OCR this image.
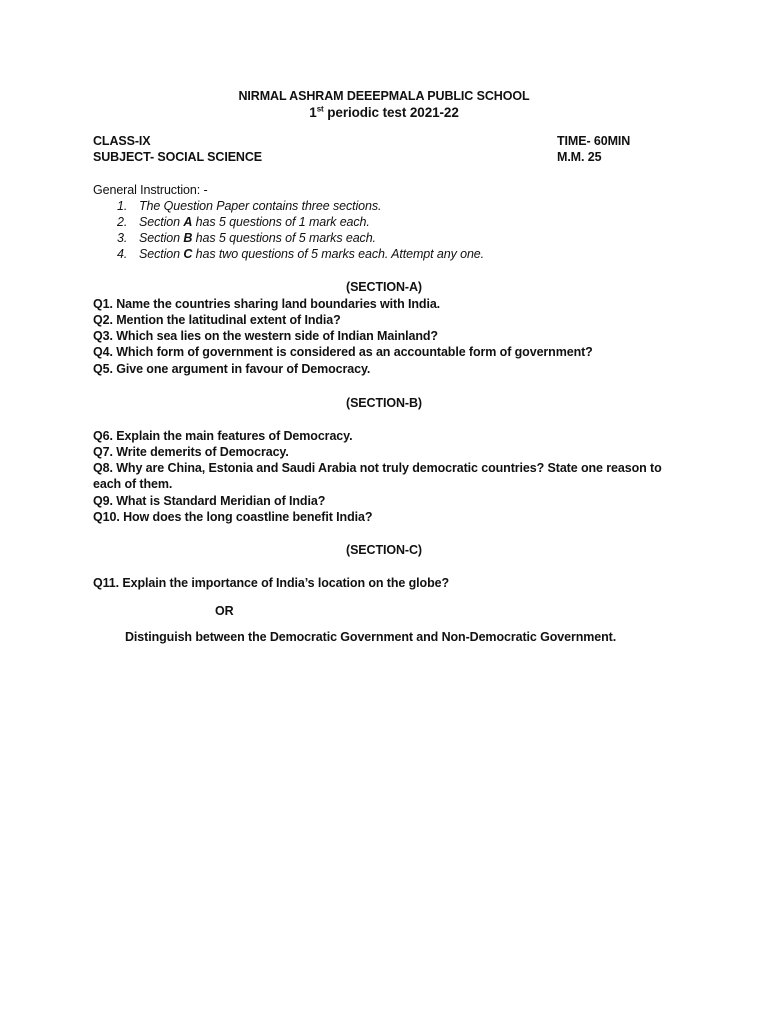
NIRMAL ASHRAM DEEEPMALA PUBLIC SCHOOL
1st periodic test 2021-22
CLASS-IX	TIME- 60MIN
SUBJECT- SOCIAL SCIENCE	M.M. 25
General Instruction: -
1. The Question Paper contains three sections.
2. Section A has 5 questions of 1 mark each.
3. Section B has 5 questions of 5 marks each.
4. Section C has two questions of 5 marks each. Attempt any one.
(SECTION-A)
Q1. Name the countries sharing land boundaries with India.
Q2. Mention the latitudinal extent of India?
Q3. Which sea lies on the western side of Indian Mainland?
Q4. Which form of government is considered as an accountable form of government?
Q5. Give one argument in favour of Democracy.
(SECTION-B)
Q6. Explain the main features of Democracy.
Q7. Write demerits of Democracy.
Q8. Why are China, Estonia and Saudi Arabia not truly democratic countries? State one reason to each of them.
Q9. What is Standard Meridian of India?
Q10. How does the long coastline benefit India?
(SECTION-C)
Q11. Explain the importance of India’s location on the globe?
OR
Distinguish between the Democratic Government and Non-Democratic Government.
